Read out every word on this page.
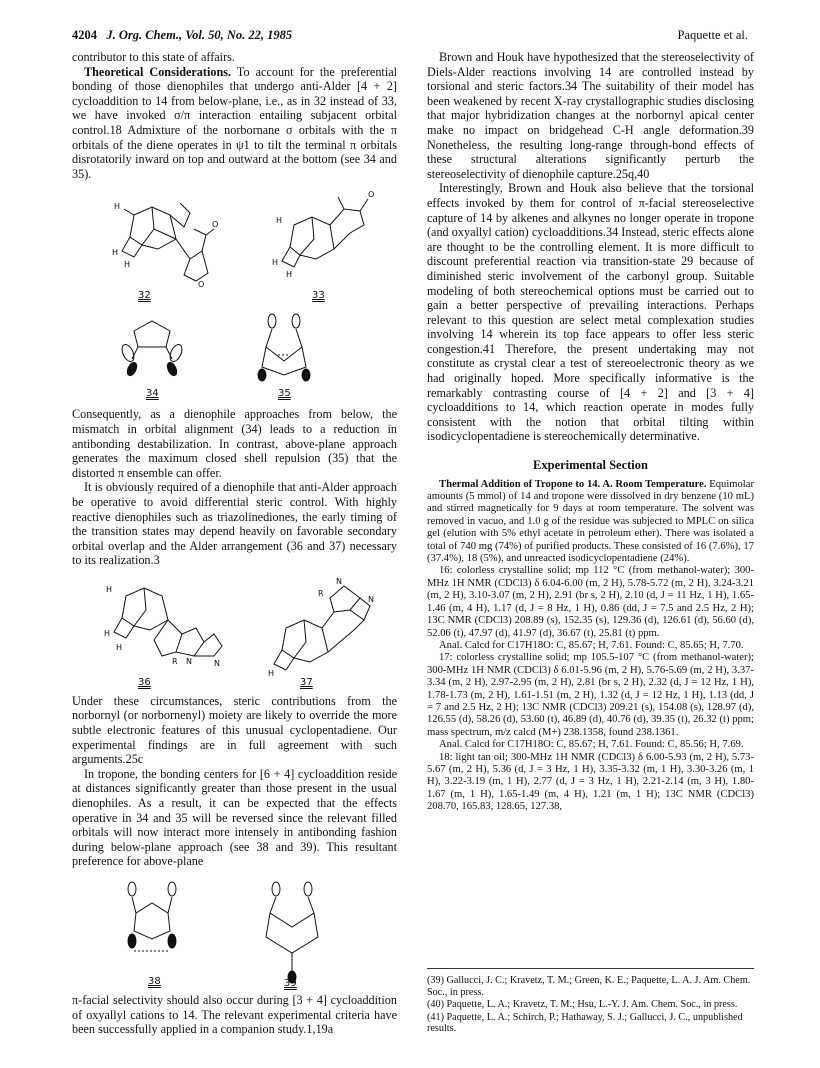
4204 J. Org. Chem., Vol. 50, No. 22, 1985	Paquette et al.

contributor to this state of affairs.

Theoretical Considerations. To account for the preferential bonding of those dienophiles that undergo anti-Alder [4 + 2] cycloaddition to 14 from below-plane, i.e., as in 32 instead of 33, we have invoked σ/π interaction entailing subjacent orbital control.18 Admixture of the norbornane σ orbitals with the π orbitals of the diene operates in ψ1 to tilt the terminal π orbitals disrotatorily inward on top and outward at the bottom (see 34 and 35).

H
H
H
H
H
H
O
O
O
32	33
34	35

Consequently, as a dienophile approaches from below, the mismatch in orbital alignment (34) leads to a reduction in antibonding destabilization. In contrast, above-plane approach generates the maximum closed shell repulsion (35) that the distorted π ensemble can offer.

It is obviously required of a dienophile that anti-Alder approach be operative to avoid differential steric control. With highly reactive dienophiles such as triazolinediones, the early timing of the transition states may depend heavily on favorable secondary orbital overlap and the Alder arrangement (36 and 37) necessary to its realization.3

H
H
H
R N	N
R
N
N
H
36	37

Under these circumstances, steric contributions from the norbornyl (or norbornenyl) moiety are likely to override the more subtle electronic features of this unusual cyclopentadiene. Our experimental findings are in full agreement with such arguments.25c

In tropone, the bonding centers for [6 + 4] cycloaddition reside at distances significantly greater than those present in the usual dienophiles. As a result, it can be expected that the effects operative in 34 and 35 will be reversed since the relevant filled orbitals will now interact more intensely in antibonding fashion during below-plane approach (see 38 and 39). This resultant preference for above-plane

38	39

π-facial selectivity should also occur during [3 + 4] cycloaddition of oxyallyl cations to 14. The relevant experimental criteria have been successfully applied in a companion study.1,19a

Brown and Houk have hypothesized that the stereoselectivity of Diels-Alder reactions involving 14 are controlled instead by torsional and steric factors.34 The suitability of their model has been weakened by recent X-ray crystallographic studies disclosing that major hybridization changes at the norbornyl apical center make no impact on bridgehead C-H angle deformation.39 Nonetheless, the resulting long-range through-bond effects of these structural alterations significantly perturb the stereoselectivity of dienophile capture.25q,40

Interestingly, Brown and Houk also believe that the torsional effects invoked by them for control of π-facial stereoselective capture of 14 by alkenes and alkynes no longer operate in tropone (and oxyallyl cation) cycloadditions.34 Instead, steric effects alone are thought to be the controlling element. It is more difficult to discount preferential reaction via transition-state 29 because of diminished steric involvement of the carbonyl group. Suitable modeling of both stereochemical options must be carried out to gain a better perspective of prevailing interactions. Perhaps relevant to this question are select metal complexation studies involving 14 wherein its top face appears to offer less steric congestion.41 Therefore, the present undertaking may not constitute as crystal clear a test of stereoelectronic theory as we had originally hoped. More specifically informative is the remarkably contrasting course of [4 + 2] and [3 + 4] cycloadditions to 14, which reaction operate in modes fully consistent with the notion that orbital tilting within isodicyclopentadiene is stereochemically determinative.

Experimental Section

Thermal Addition of Tropone to 14. A. Room Temperature. Equimolar amounts (5 mmol) of 14 and tropone were dissolved in dry benzene (10 mL) and stirred magnetically for 9 days at room temperature. The solvent was removed in vacuo, and 1.0 g of the residue was subjected to MPLC on silica gel (elution with 5% ethyl acetate in petroleum ether). There was isolated a total of 740 mg (74%) of purified products. These consisted of 16 (7.6%), 17 (37.4%), 18 (5%), and unreacted isodicyclopentadiene (24%).

16: colorless crystalline solid; mp 112 °C (from methanol-water); 300-MHz 1H NMR (CDCl3) δ 6.04-6.00 (m, 2 H), 5.78-5.72 (m, 2 H), 3.24-3.21 (m, 2 H), 3.10-3.07 (m, 2 H), 2.91 (br s, 2 H), 2.10 (d, J = 11 Hz, 1 H), 1.65-1.46 (m, 4 H), 1.17 (d, J = 8 Hz, 1 H), 0.86 (dd, J = 7.5 and 2.5 Hz, 2 H); 13C NMR (CDCl3) 208.89 (s), 152.35 (s), 129.36 (d), 126.61 (d), 56.60 (d), 52.06 (t), 47.97 (d), 41.97 (d), 36.67 (t), 25.81 (t) ppm.

Anal. Calcd for C17H18O: C, 85.67; H, 7.61. Found: C, 85.65; H, 7.70.

17: colorless crystalline solid; mp 105.5-107 °C (from methanol-water); 300-MHz 1H NMR (CDCl3) δ 6.01-5.96 (m, 2 H), 5.76-5.69 (m, 2 H), 3.37-3.34 (m, 2 H), 2.97-2.95 (m, 2 H), 2.81 (br s, 2 H), 2.32 (d, J = 12 Hz, 1 H), 1.78-1.73 (m, 2 H), 1.61-1.51 (m, 2 H), 1.32 (d, J = 12 Hz, 1 H), 1.13 (dd, J = 7 and 2.5 Hz, 2 H); 13C NMR (CDCl3) 209.21 (s), 154.08 (s), 128.97 (d), 126.55 (d), 58.26 (d), 53.60 (t), 46.89 (d), 40.76 (d), 39.35 (t), 26.32 (t) ppm; mass spectrum, m/z calcd (M+) 238.1358, found 238.1361.

Anal. Calcd for C17H18O: C, 85.67; H, 7.61. Found: C, 85.56; H, 7.69.

18: light tan oil; 300-MHz 1H NMR (CDCl3) δ 6.00-5.93 (m, 2 H), 5.73-5.67 (m, 2 H), 5.36 (d, J = 3 Hz, 1 H), 3.35-3.32 (m, 1 H), 3.30-3.26 (m, 1 H), 3.22-3.19 (m, 1 H), 2.77 (d, J = 3 Hz, 1 H), 2.21-2.14 (m, 3 H), 1.80-1.67 (m, 1 H), 1.65-1.49 (m, 4 H), 1.21 (m, 1 H); 13C NMR (CDCl3) 208.70, 165.83, 128.65, 127.38,

(39) Gallucci, J. C.; Kravetz, T. M.; Green, K. E.; Paquette, L. A. J. Am. Chem. Soc., in press.

(40) Paquette, L. A.; Kravetz, T. M.; Hsu, L.-Y. J. Am. Chem. Soc., in press.

(41) Paquette, L. A.; Schirch, P.; Hathaway, S. J.; Gallucci, J. C., unpublished results.
